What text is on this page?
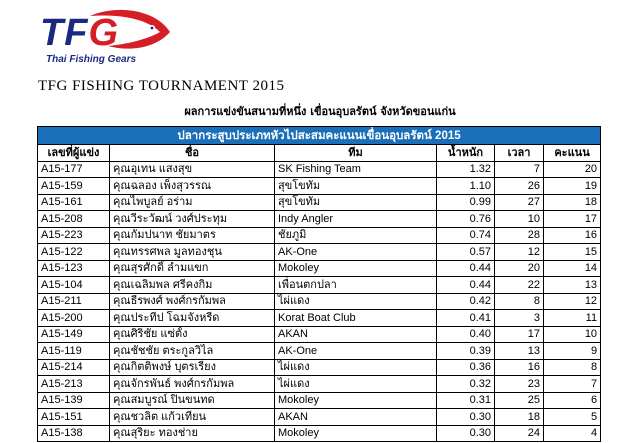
TFG
Thai Fishing Gears
TFG FISHING TOURNAMENT 2015
ผลการแข่งขันสนามที่หนึ่ง เขื่อนอุบลรัตน์ จังหวัดขอนแก่น
ปลากระสูบประเภทหัวไปสะสมคะแนนเขื่อนอุบลรัตน์ 2015					
เลขที่ผู้แข่ง	ชื่อ	ทีม	น้ำหนัก	เวลา	คะแนน
A15-177	คุณอุเทน แสงสุข	SK Fishing Team	1.32	7	20
A15-159	คุณฉลอง เพ็งสุวรรณ	สุขโขทัม	1.10	26	19
A15-161	คุณไพบูลย์ อร่าม	สุขโขทัม	0.99	27	18
A15-208	คุณวีระวัฒน์ วงศ์ประทุม	Indy Angler	0.76	10	17
A15-223	คุณกัมปนาท ชัยมาตร	ชัยภูมิ	0.74	28	16
A15-122	คุณทรรศพล มูลทองชุน	AK-One	0.57	12	15
A15-123	คุณสุรศักดิ์ ลำมแขก	Mokoley	0.44	20	14
A15-104	คุณเฉลิมพล ศรีคงกิม	เพื่อนตกปลา	0.44	22	13
A15-211	คุณธีรพงศ์ พงศ์กรกัมพล	ไผ่แดง	0.42	8	12
A15-200	คุณประทีป โฉมจังหรีด	Korat Boat Club	0.41	3	11
A15-149	คุณศิริชัย แซ่ตั้ง	AKAN	0.40	17	10
A15-119	คุณชัชชัย ตระกูลวิไล	AK-One	0.39	13	9
A15-214	คุณกิตติพงษ์ บุตรเรียง	ไผ่แดง	0.36	16	8
A15-213	คุณจักรพันธ์ พงศ์กรกัมพล	ไผ่แดง	0.32	23	7
A15-139	คุณสมบูรณ์ ปินขนทด	Mokoley	0.31	25	6
A15-151	คุณชวลิต แก้วเทียน	AKAN	0.30	18	5
A15-138	คุณสุริยะ ทองช่าย	Mokoley	0.30	24	4
